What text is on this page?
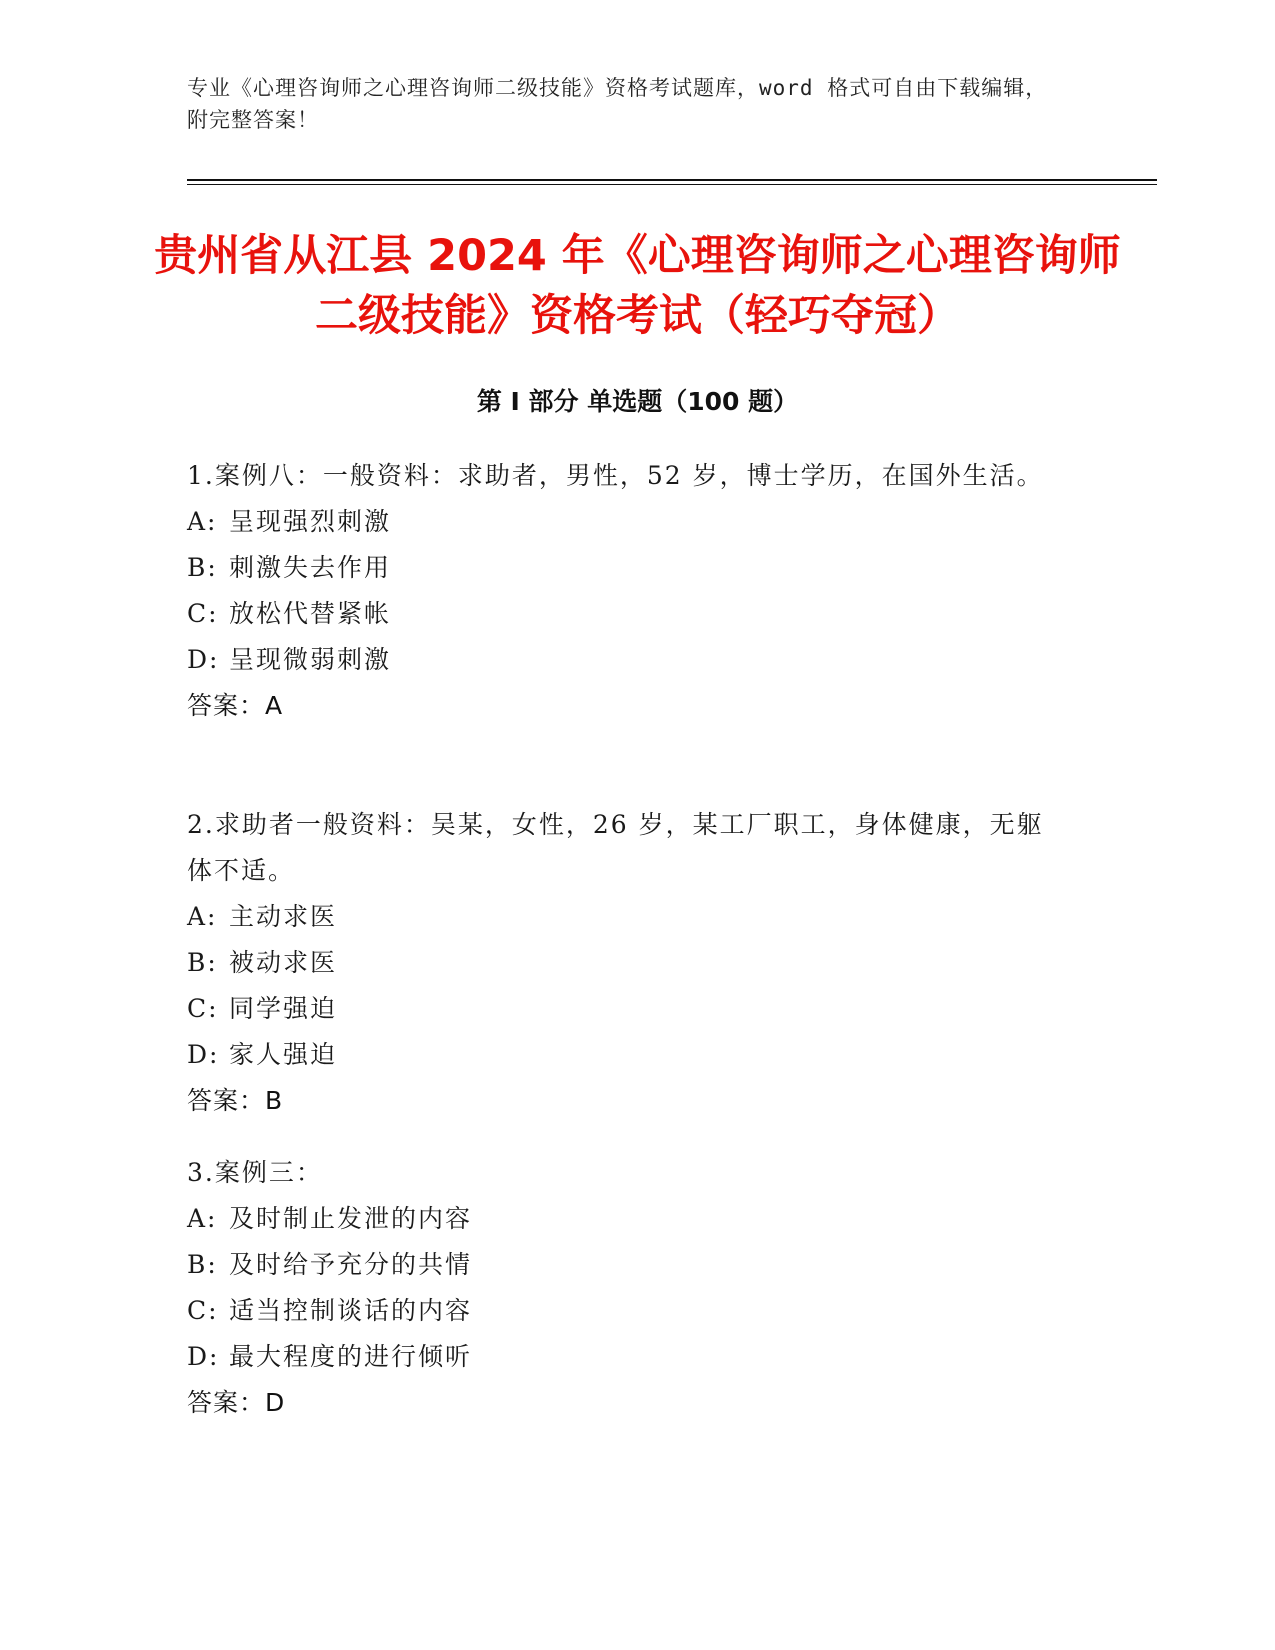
专业《心理咨询师之心理咨询师二级技能》资格考试题库，word 格式可自由下载编辑，附完整答案！
贵州省从江县 2024 年《心理咨询师之心理咨询师二级技能》资格考试（轻巧夺冠）
第 I 部分 单选题（100 题）
1.案例八：一般资料：求助者，男性，52 岁，博士学历，在国外生活。
A: 呈现强烈刺激
B: 刺激失去作用
C: 放松代替紧帐
D: 呈现微弱刺激
答案：A
2.求助者一般资料：吴某，女性，26 岁，某工厂职工，身体健康，无躯体不适。
A: 主动求医
B: 被动求医
C: 同学强迫
D: 家人强迫
答案：B
3.案例三：
A: 及时制止发泄的内容
B: 及时给予充分的共情
C: 适当控制谈话的内容
D: 最大程度的进行倾听
答案：D
